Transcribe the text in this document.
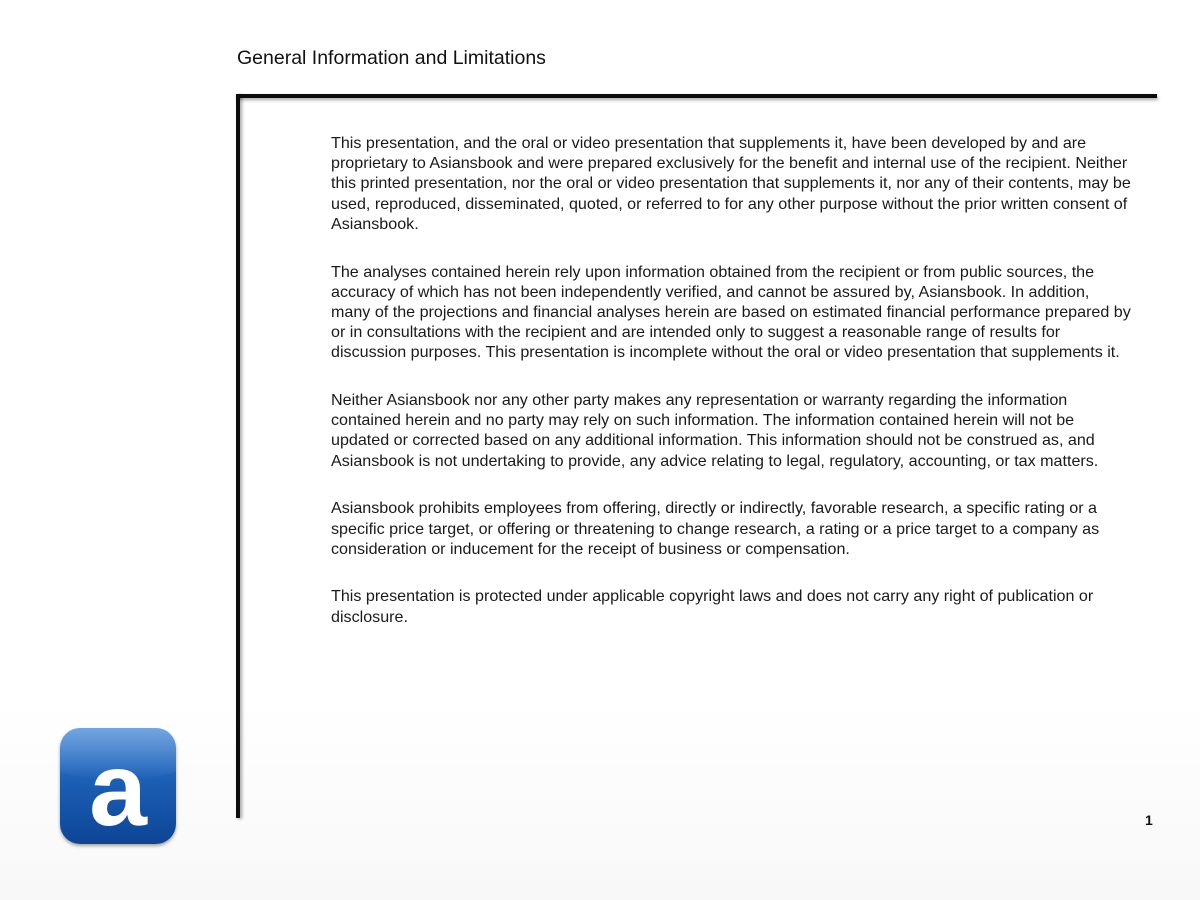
General Information and Limitations

This presentation, and the oral or video presentation that supplements it, have been developed by and are proprietary to Asiansbook and were prepared exclusively for the benefit and internal use of the recipient. Neither this printed presentation, nor the oral or video presentation that supplements it, nor any of their contents, may be used, reproduced, disseminated, quoted, or referred to for any other purpose without the prior written consent of Asiansbook.

The analyses contained herein rely upon information obtained from the recipient or from public sources, the accuracy of which has not been independently verified, and cannot be assured by, Asiansbook. In addition, many of the projections and financial analyses herein are based on estimated financial performance prepared by or in consultations with the recipient and are intended only to suggest a reasonable range of results for discussion purposes. This presentation is incomplete without the oral or video presentation that supplements it.

Neither Asiansbook nor any other party makes any representation or warranty regarding the information contained herein and no party may rely on such information. The information contained herein will not be updated or corrected based on any additional information. This information should not be construed as, and Asiansbook is not undertaking to provide, any advice relating to legal, regulatory, accounting, or tax matters.

Asiansbook prohibits employees from offering, directly or indirectly, favorable research, a specific rating or a specific price target, or offering or threatening to change research, a rating or a price target to a company as consideration or inducement for the receipt of business or compensation.

This presentation is protected under applicable copyright laws and does not carry any right of publication or disclosure.

a	1
